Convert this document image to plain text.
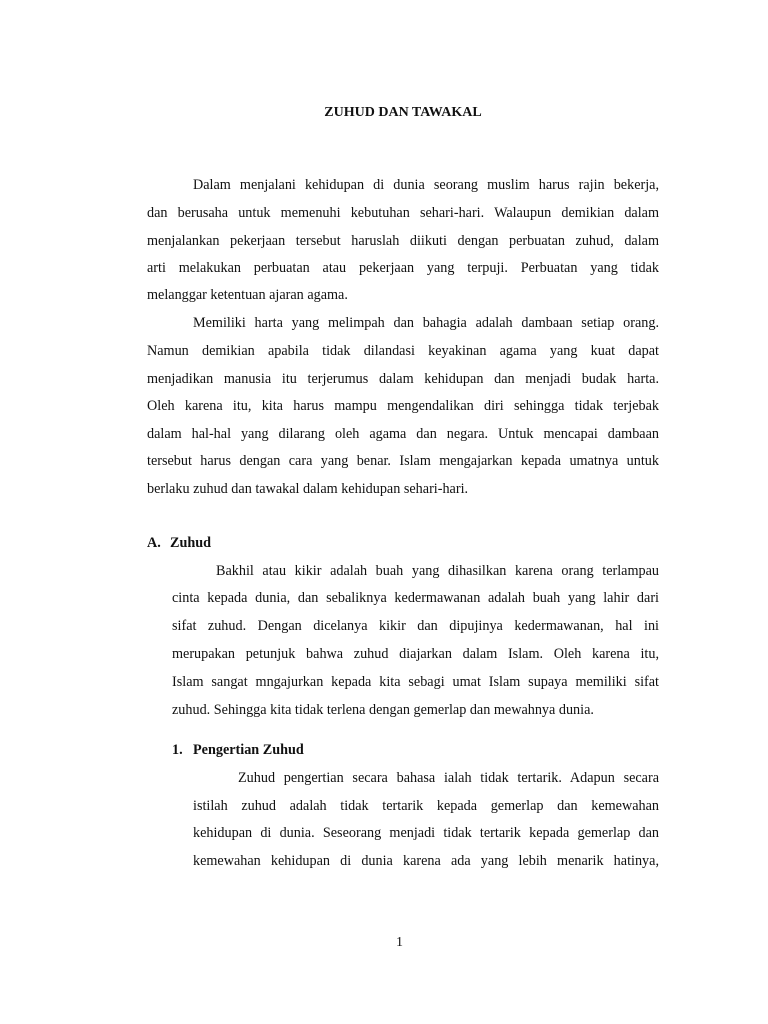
ZUHUD DAN TAWAKAL
Dalam menjalani kehidupan di dunia seorang muslim harus rajin bekerja,
dan berusaha untuk memenuhi kebutuhan sehari-hari. Walaupun demikian dalam
menjalankan pekerjaan tersebut haruslah diikuti dengan perbuatan zuhud, dalam
arti melakukan perbuatan atau pekerjaan yang terpuji. Perbuatan yang tidak
melanggar ketentuan ajaran agama.
Memiliki harta yang melimpah dan bahagia adalah dambaan setiap orang.
Namun demikian apabila tidak dilandasi keyakinan agama yang kuat dapat
menjadikan manusia itu terjerumus dalam kehidupan dan menjadi budak harta.
Oleh karena itu, kita harus mampu mengendalikan diri sehingga tidak terjebak
dalam hal-hal yang dilarang oleh agama dan negara. Untuk mencapai dambaan
tersebut harus dengan cara yang benar. Islam mengajarkan kepada umatnya untuk
berlaku zuhud dan tawakal dalam kehidupan sehari-hari.
A. Zuhud
Bakhil atau kikir adalah buah yang dihasilkan karena orang terlampau
cinta kepada dunia, dan sebaliknya kedermawanan adalah buah yang lahir dari
sifat zuhud. Dengan dicelanya kikir dan dipujinya kedermawanan, hal ini
merupakan petunjuk bahwa zuhud diajarkan dalam Islam. Oleh karena itu,
Islam sangat mngajurkan kepada kita sebagi umat Islam supaya memiliki sifat
zuhud. Sehingga kita tidak terlena dengan gemerlap dan mewahnya dunia.
1. Pengertian Zuhud
Zuhud pengertian secara bahasa ialah tidak tertarik. Adapun secara
istilah zuhud adalah tidak tertarik kepada gemerlap dan kemewahan
kehidupan di dunia. Seseorang menjadi tidak tertarik kepada gemerlap dan
kemewahan kehidupan di dunia karena ada yang lebih menarik hatinya,
1
